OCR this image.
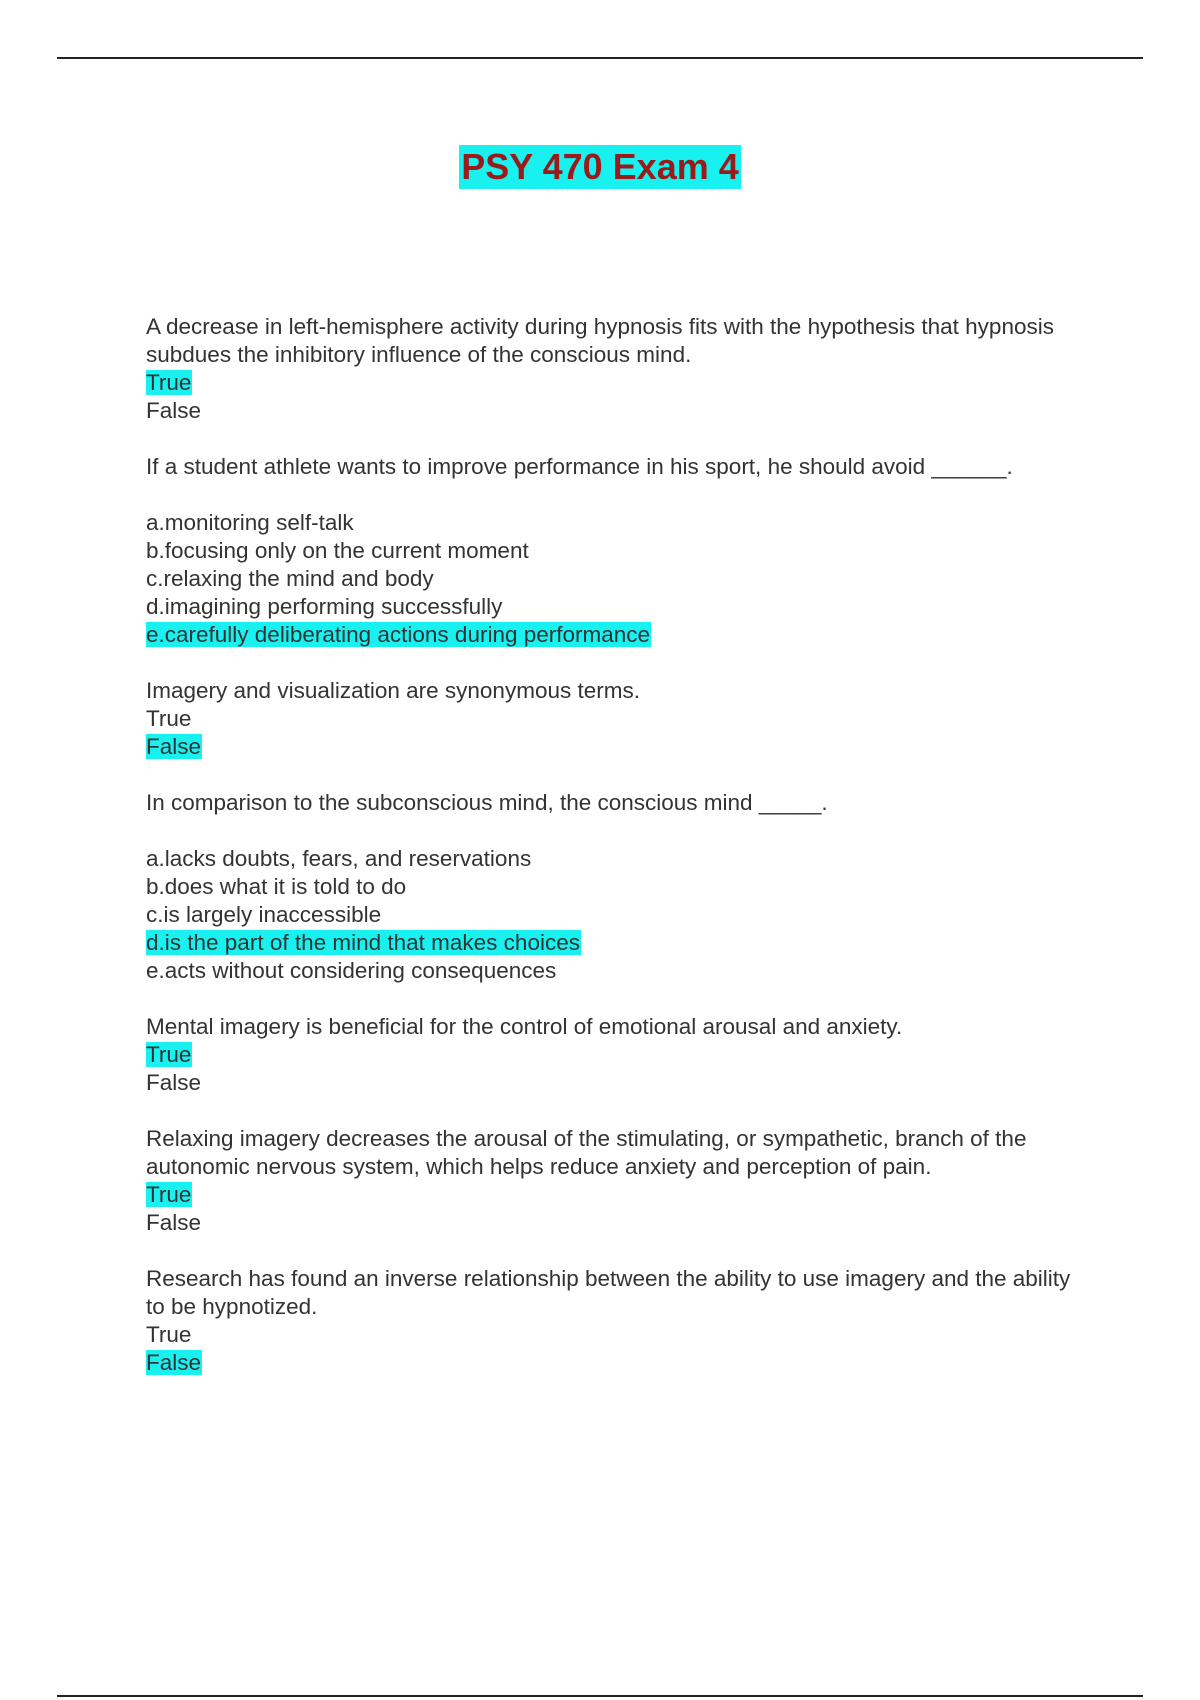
PSY 470 Exam 4
A decrease in left-hemisphere activity during hypnosis fits with the hypothesis that hypnosis subdues the inhibitory influence of the conscious mind.
True
False
If a student athlete wants to improve performance in his sport, he should avoid ______.
a.monitoring self-talk
b.focusing only on the current moment
c.relaxing the mind and body
d.imagining performing successfully
e.carefully deliberating actions during performance
Imagery and visualization are synonymous terms.
True
False
In comparison to the subconscious mind, the conscious mind _____.
a.lacks doubts, fears, and reservations
b.does what it is told to do
c.is largely inaccessible
d.is the part of the mind that makes choices
e.acts without considering consequences
Mental imagery is beneficial for the control of emotional arousal and anxiety.
True
False
Relaxing imagery decreases the arousal of the stimulating, or sympathetic, branch of the autonomic nervous system, which helps reduce anxiety and perception of pain.
True
False
Research has found an inverse relationship between the ability to use imagery and the ability to be hypnotized.
True
False
